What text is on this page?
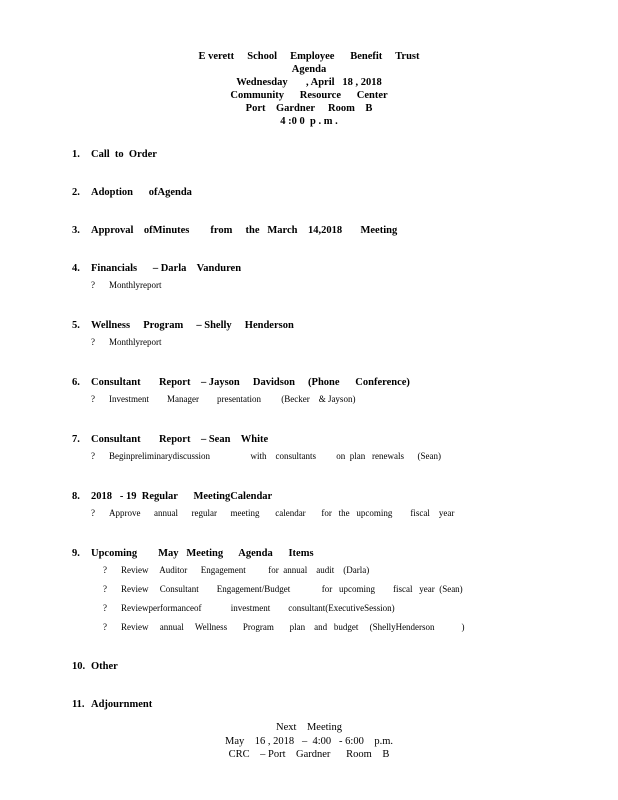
E verett     School     Employee      Benefit     Trust
Agenda
Wednesday       , April   18 , 2018
Community      Resource      Center
Port    Gardner     Room    B
4 :0 0  p . m .
1. Call  to  Order
2. Adoption      ofAgenda
3. Approval    ofMinutes        from     the   March    14,2018       Meeting
4. Financials      – Darla    Vanduren
? Monthlyreport
5. Wellness     Program     – Shelly     Henderson
? Monthlyreport
6. Consultant       Report    – Jayson     Davidson     (Phone      Conference)
? Investment        Manager        presentation         (Becker    & Jayson)
7. Consultant       Report    – Sean    White
? Beginpreliminarydiscussion                  with    consultants         on  plan   renewals      (Sean)
8. 2018   - 19  Regular      MeetingCalendar
? Approve      annual      regular      meeting       calendar       for   the   upcoming        fiscal    year
9. Upcoming        May   Meeting      Agenda      Items
? Review     Auditor      Engagement          for  annual    audit    (Darla)
? Review     Consultant        Engagement/Budget              for   upcoming        fiscal   year  (Sean)
? Reviewperformanceof             investment        consultant(ExecutiveSession)
? Review     annual     Wellness       Program       plan    and   budget     (ShellyHenderson            )
10. Other
11. Adjournment
Next    Meeting
May    16 , 2018   –  4:00   - 6:00    p.m.
CRC    – Port    Gardner      Room    B
